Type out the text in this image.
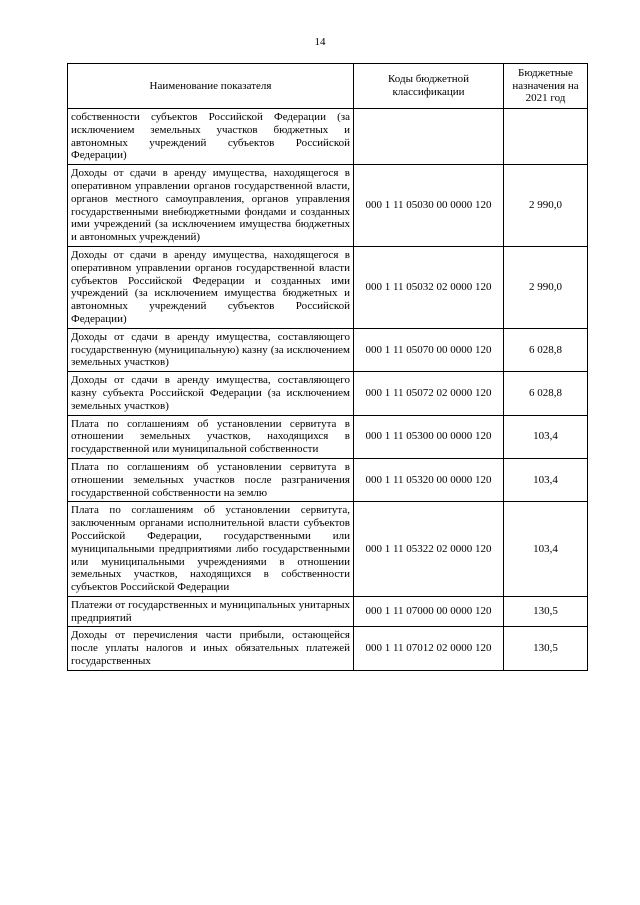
14
Наименование показателя	Коды бюджетной классификации	Бюджетные назначения на 2021 год
собственности субъектов Российской Федерации (за исключением земельных участков бюджетных и автономных учреждений субъектов Российской Федерации)		
Доходы от сдачи в аренду имущества, находящегося в оперативном управлении органов государственной власти, органов местного самоуправления, органов управления государственными внебюджетными фондами и созданных ими учреждений (за исключением имущества бюджетных и автономных учреждений)	000 1 11 05030 00 0000 120	2 990,0
Доходы от сдачи в аренду имущества, находящегося в оперативном управлении органов государственной власти субъектов Российской Федерации и созданных ими учреждений (за исключением имущества бюджетных и автономных учреждений субъектов Российской Федерации)	000 1 11 05032 02 0000 120	2 990,0
Доходы от сдачи в аренду имущества, составляющего государственную (муниципальную) казну (за исключением земельных участков)	000 1 11 05070 00 0000 120	6 028,8
Доходы от сдачи в аренду имущества, составляющего казну субъекта Российской Федерации (за исключением земельных участков)	000 1 11 05072 02 0000 120	6 028,8
Плата по соглашениям об установлении сервитута в отношении земельных участков, находящихся в государственной или муниципальной собственности	000 1 11 05300 00 0000 120	103,4
Плата по соглашениям об установлении сервитута в отношении земельных участков после разграничения государственной собственности на землю	000 1 11 05320 00 0000 120	103,4
Плата по соглашениям об установлении сервитута, заключенным органами исполнительной власти субъектов Российской Федерации, государственными или муниципальными предприятиями либо государственными или муниципальными учреждениями в отношении земельных участков, находящихся в собственности субъектов Российской Федерации	000 1 11 05322 02 0000 120	103,4
Платежи от государственных и муниципальных унитарных предприятий	000 1 11 07000 00 0000 120	130,5
Доходы от перечисления части прибыли, остающейся после уплаты налогов и иных обязательных платежей государственных	000 1 11 07012 02 0000 120	130,5
